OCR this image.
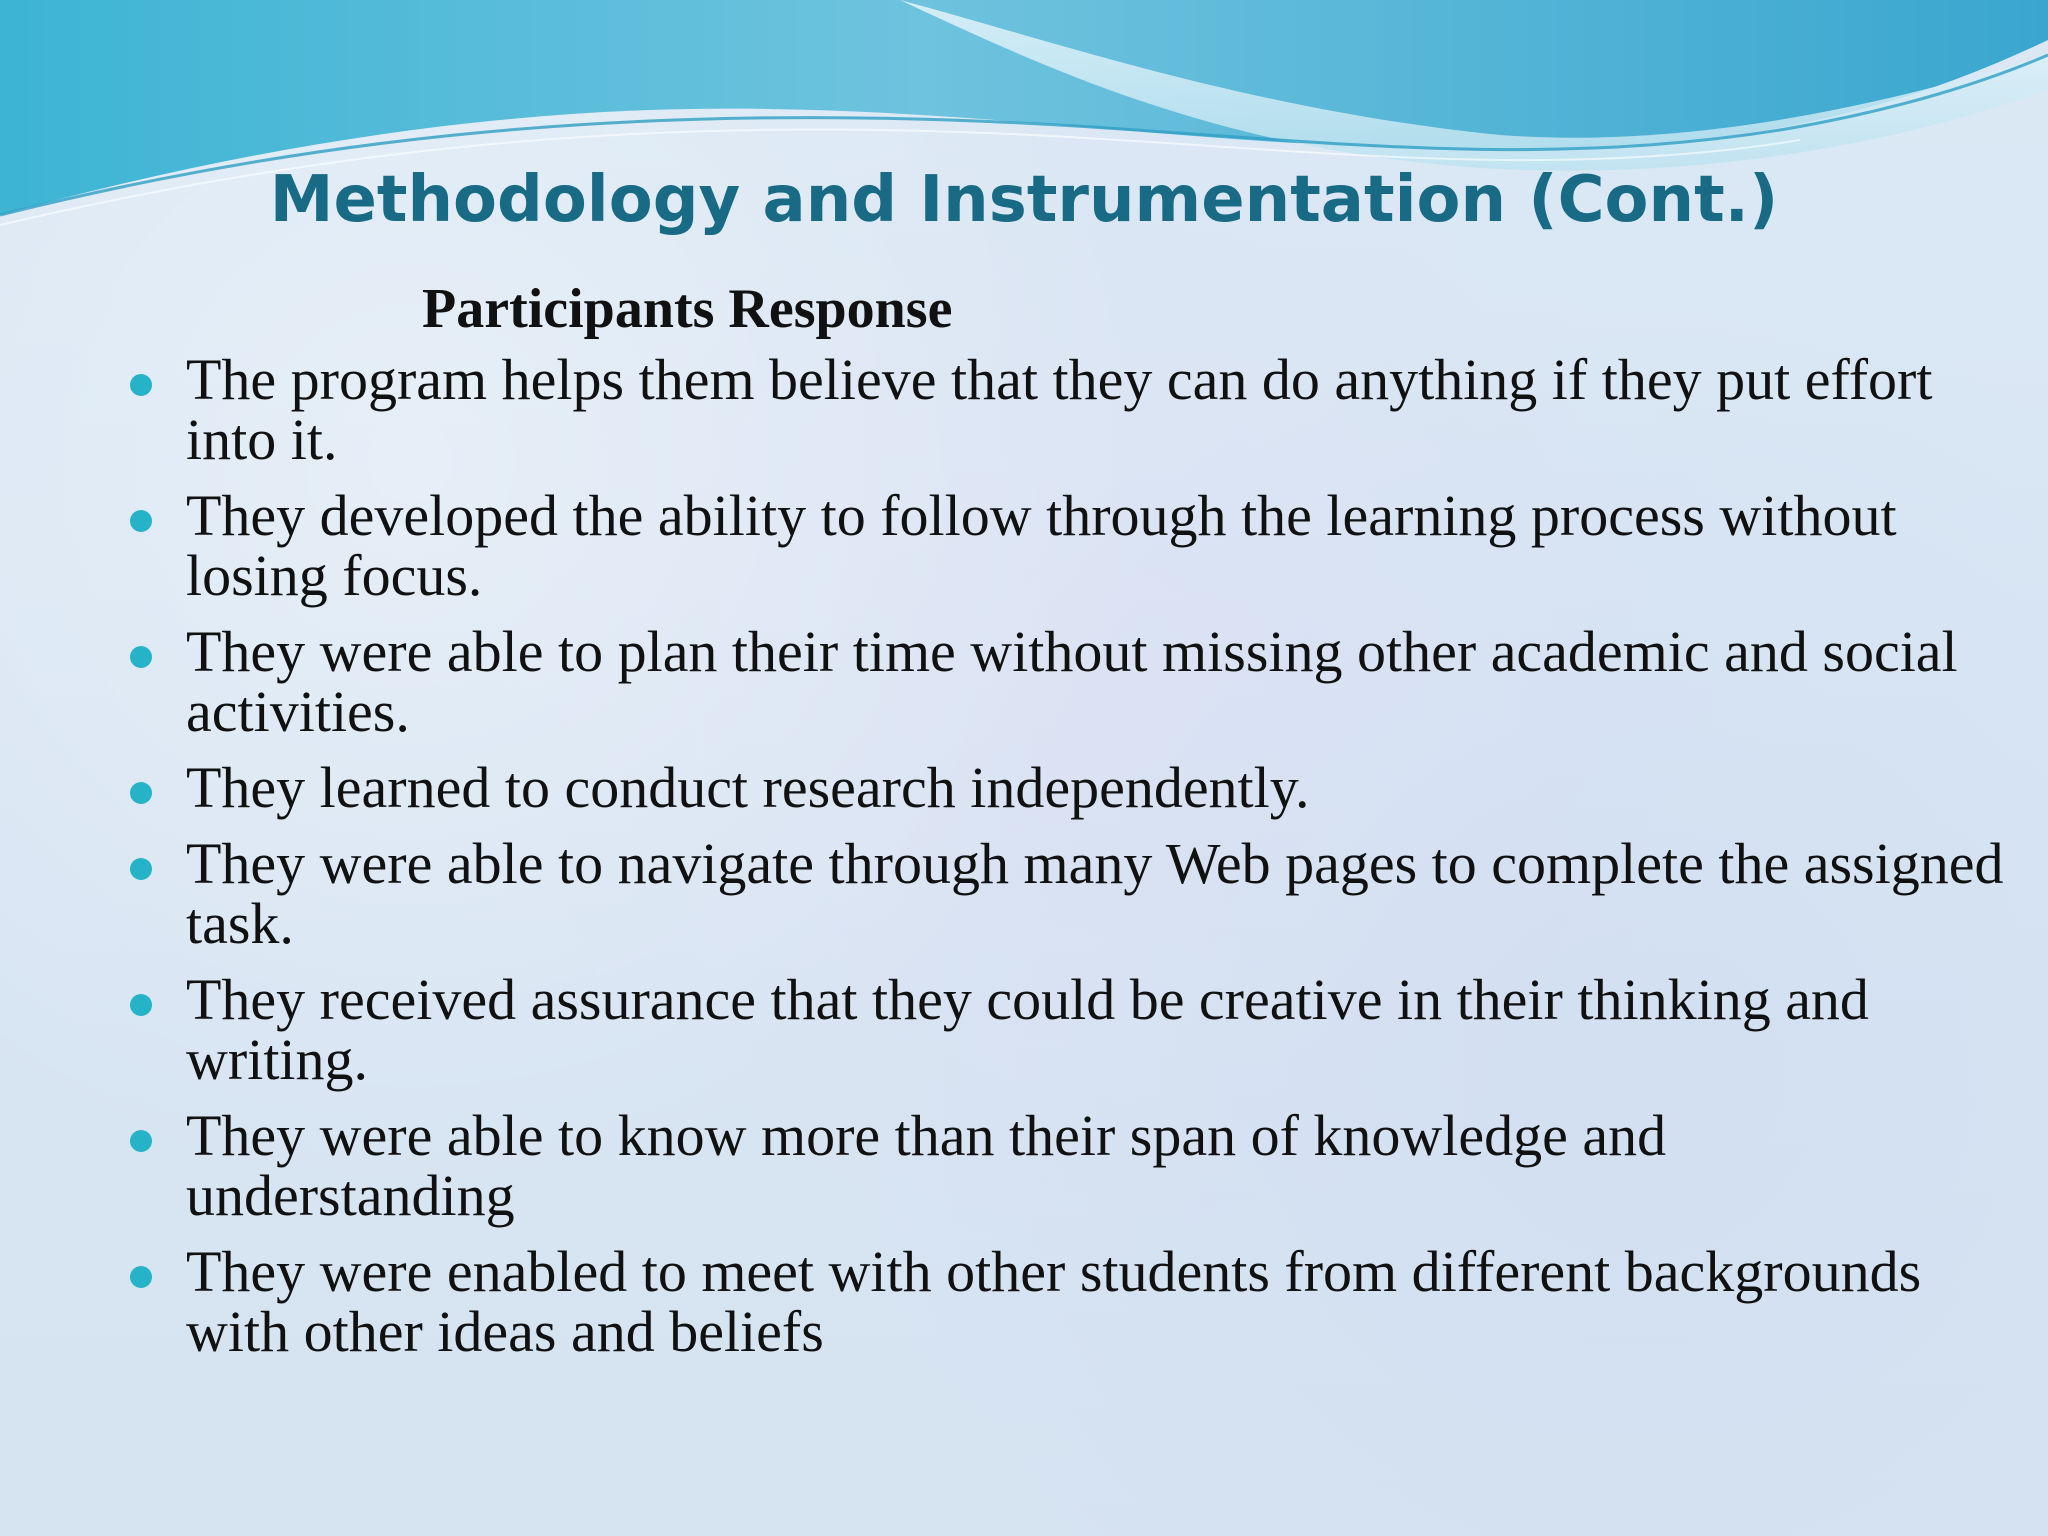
Methodology and Instrumentation (Cont.)
Participants Response
The program helps them believe that they can do anything if they put effort into it.
They developed the ability to follow through the learning process without losing focus.
They were able to plan their time without missing other academic and social activities.
They learned to conduct research independently.
They were able to navigate through many Web pages to complete the assigned task.
They received assurance that they could be creative in their thinking and writing.
They were able to know more than their span of knowledge and understanding
They were enabled to meet with other students from different backgrounds with other ideas and beliefs
